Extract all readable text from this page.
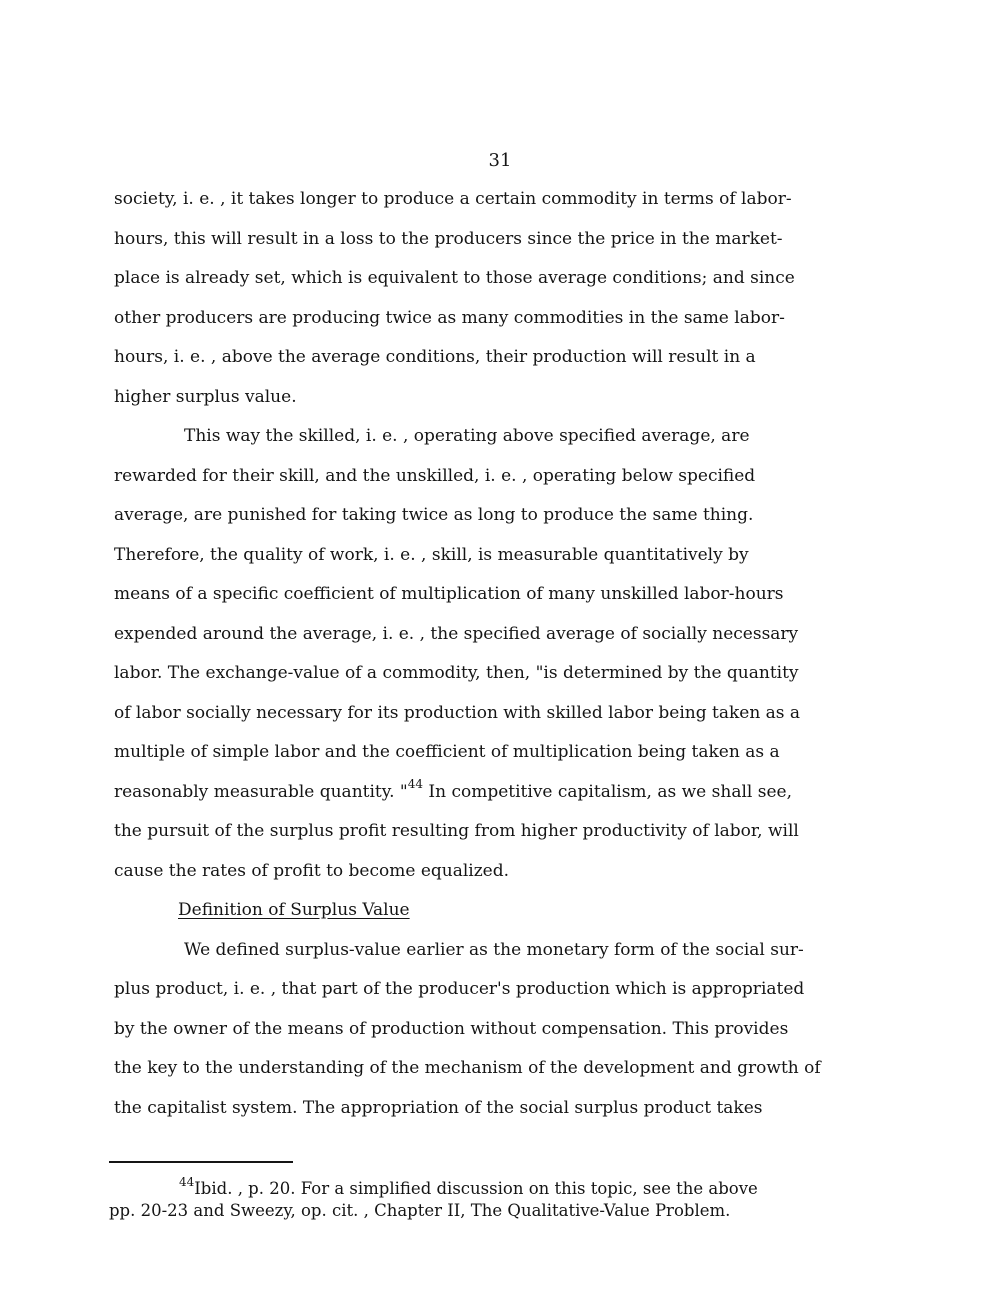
31
society, i. e. , it takes longer to produce a certain commodity in terms of labor-
hours, this will result in a loss to the producers since the price in the market-
place is already set, which is equivalent to those average conditions; and since
other producers are producing twice as many commodities in the same labor-
hours, i. e. , above the average conditions, their production will result in a
higher surplus value.
This way the skilled, i. e. , operating above specified average, are
rewarded for their skill, and the unskilled, i. e. , operating below specified
average, are punished for taking twice as long to produce the same thing.
Therefore, the quality of work, i. e. , skill, is measurable quantitatively by
means of a specific coefficient of multiplication of many unskilled labor-hours
expended around the average, i. e. , the specified average of socially necessary
labor. The exchange-value of a commodity, then, "is determined by the quantity
of labor socially necessary for its production with skilled labor being taken as a
multiple of simple labor and the coefficient of multiplication being taken as a
reasonably measurable quantity. "$^{44}$ In competitive capitalism, as we shall see,
the pursuit of the surplus profit resulting from higher productivity of labor, will
cause the rates of profit to become equalized.
Definition of Surplus Value
We defined surplus-value earlier as the monetary form of the social sur-
plus product, i. e. , that part of the producer's production which is appropriated
by the owner of the means of production without compensation. This provides
the key to the understanding of the mechanism of the development and growth of
the capitalist system. The appropriation of the social surplus product takes
$^{44}$Ibid. , p. 20. For a simplified discussion on this topic, see the above
pp. 20-23 and Sweezy, op. cit. , Chapter II, The Qualitative-Value Problem.
